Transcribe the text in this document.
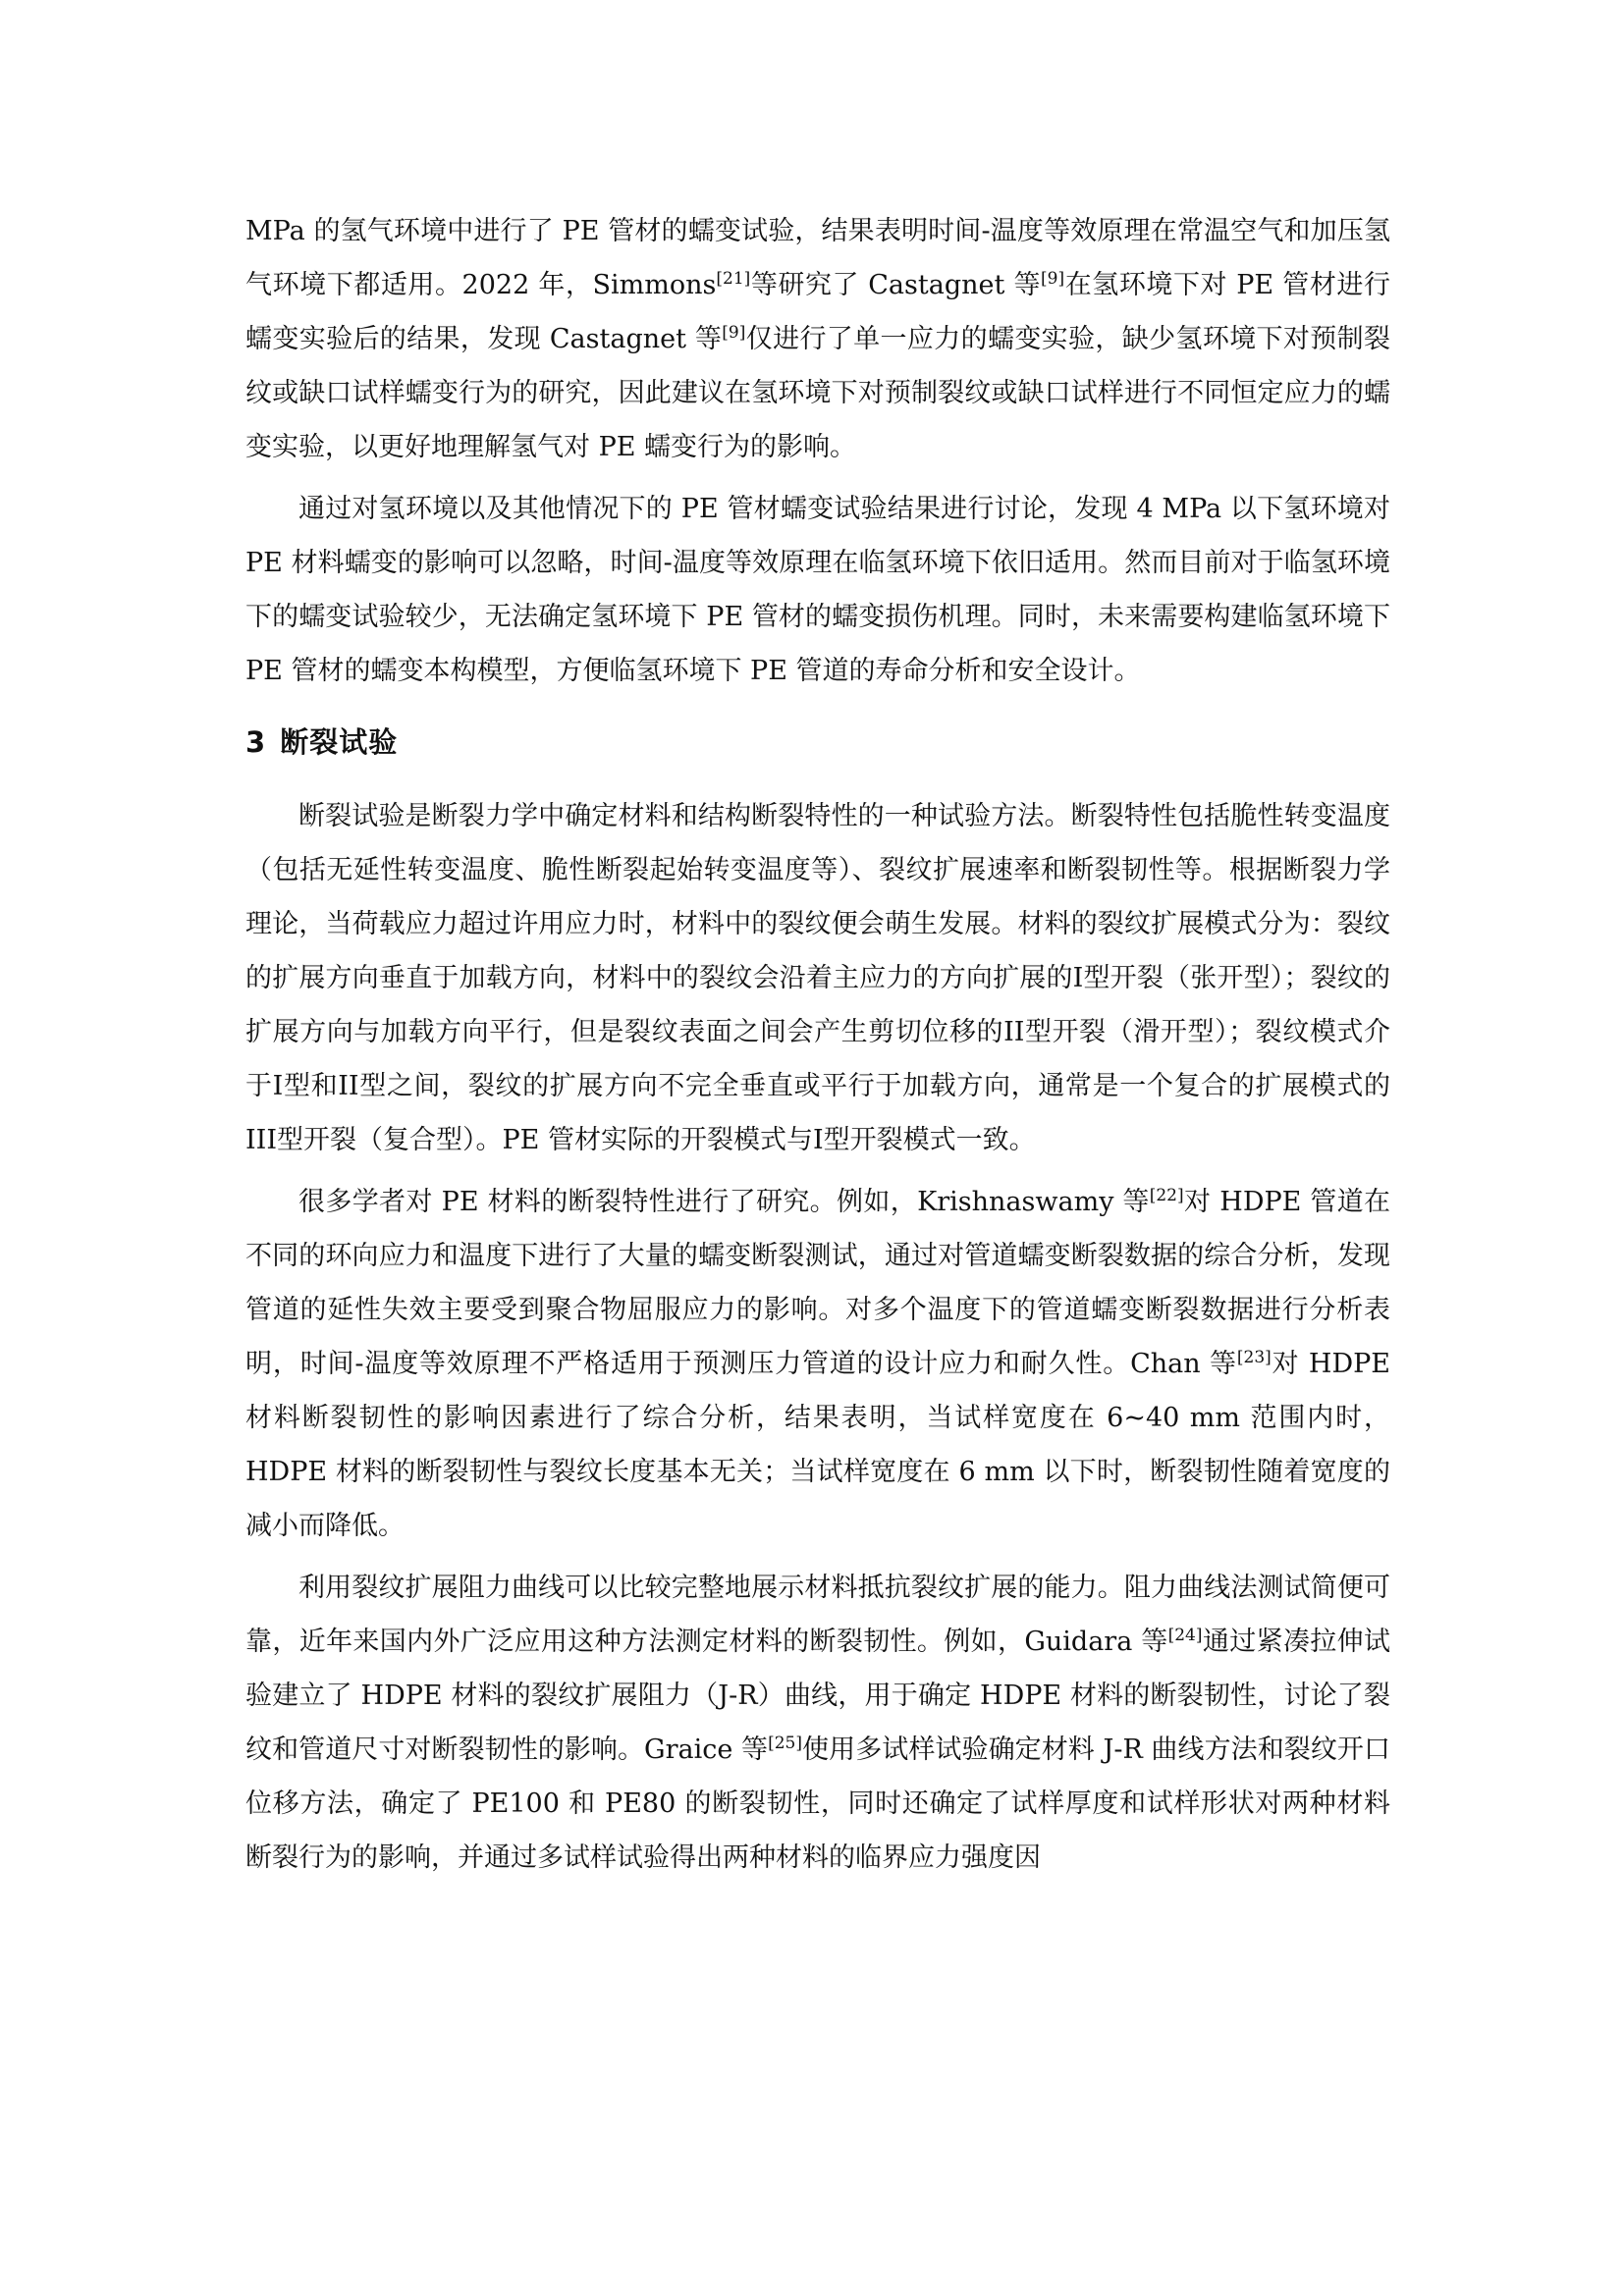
MPa 的氢气环境中进行了 PE 管材的蠕变试验，结果表明时间-温度等效原理在常温空气和加压氢气环境下都适用。2022 年，Simmons[21]等研究了 Castagnet 等[9]在氢环境下对 PE 管材进行蠕变实验后的结果，发现 Castagnet 等[9]仅进行了单一应力的蠕变实验，缺少氢环境下对预制裂纹或缺口试样蠕变行为的研究，因此建议在氢环境下对预制裂纹或缺口试样进行不同恒定应力的蠕变实验，以更好地理解氢气对 PE 蠕变行为的影响。

通过对氢环境以及其他情况下的 PE 管材蠕变试验结果进行讨论，发现 4 MPa 以下氢环境对 PE 材料蠕变的影响可以忽略，时间-温度等效原理在临氢环境下依旧适用。然而目前对于临氢环境下的蠕变试验较少，无法确定氢环境下 PE 管材的蠕变损伤机理。同时，未来需要构建临氢环境下 PE 管材的蠕变本构模型，方便临氢环境下 PE 管道的寿命分析和安全设计。

3 断裂试验

断裂试验是断裂力学中确定材料和结构断裂特性的一种试验方法。断裂特性包括脆性转变温度（包括无延性转变温度、脆性断裂起始转变温度等）、裂纹扩展速率和断裂韧性等。根据断裂力学理论，当荷载应力超过许用应力时，材料中的裂纹便会萌生发展。材料的裂纹扩展模式分为：裂纹的扩展方向垂直于加载方向，材料中的裂纹会沿着主应力的方向扩展的I型开裂（张开型）；裂纹的扩展方向与加载方向平行，但是裂纹表面之间会产生剪切位移的II型开裂（滑开型）；裂纹模式介于I型和II型之间，裂纹的扩展方向不完全垂直或平行于加载方向，通常是一个复合的扩展模式的III型开裂（复合型）。PE 管材实际的开裂模式与I型开裂模式一致。

很多学者对 PE 材料的断裂特性进行了研究。例如，Krishnaswamy 等[22]对 HDPE 管道在不同的环向应力和温度下进行了大量的蠕变断裂测试，通过对管道蠕变断裂数据的综合分析，发现管道的延性失效主要受到聚合物屈服应力的影响。对多个温度下的管道蠕变断裂数据进行分析表明，时间-温度等效原理不严格适用于预测压力管道的设计应力和耐久性。Chan 等[23]对 HDPE 材料断裂韧性的影响因素进行了综合分析，结果表明，当试样宽度在 6~40 mm 范围内时，HDPE 材料的断裂韧性与裂纹长度基本无关；当试样宽度在 6 mm 以下时，断裂韧性随着宽度的减小而降低。

利用裂纹扩展阻力曲线可以比较完整地展示材料抵抗裂纹扩展的能力。阻力曲线法测试简便可靠，近年来国内外广泛应用这种方法测定材料的断裂韧性。例如，Guidara 等[24]通过紧凑拉伸试验建立了 HDPE 材料的裂纹扩展阻力（J-R）曲线，用于确定 HDPE 材料的断裂韧性，讨论了裂纹和管道尺寸对断裂韧性的影响。Graice 等[25]使用多试样试验确定材料 J-R 曲线方法和裂纹开口位移方法，确定了 PE100 和 PE80 的断裂韧性，同时还确定了试样厚度和试样形状对两种材料断裂行为的影响，并通过多试样试验得出两种材料的临界应力强度因
